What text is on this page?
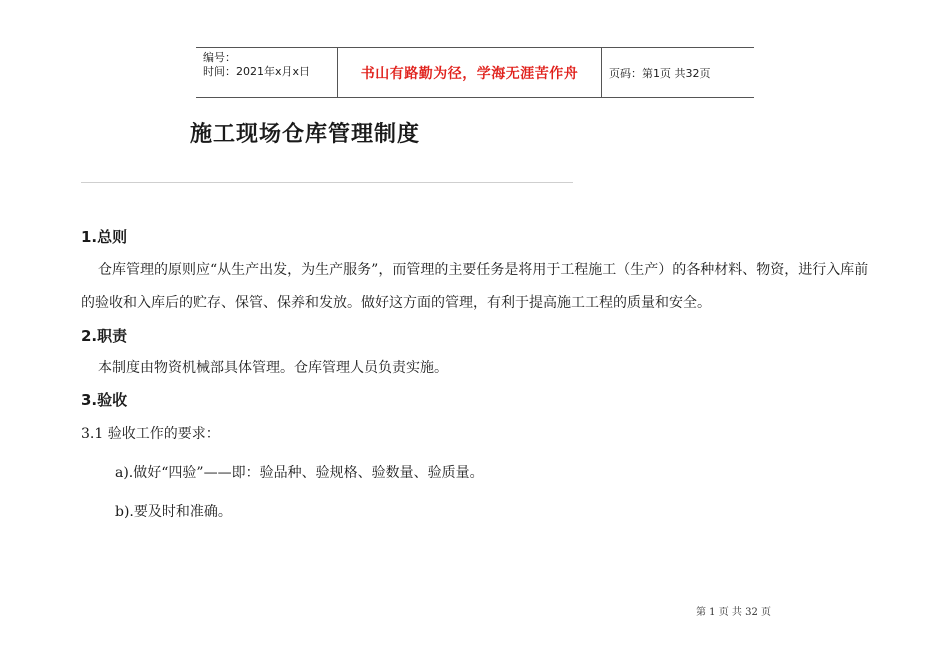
编号：
时间：2021年x月x日	书山有路勤为径，学海无涯苦作舟	页码：第1页 共32页
施工现场仓库管理制度
1.总则

仓库管理的原则应“从生产出发，为生产服务”，而管理的主要任务是将用于工程施工（生产）的各种材料、物资，进行入库前的验收和入库后的贮存、保管、保养和发放。做好这方面的管理，有利于提高施工工程的质量和安全。

2.职责

本制度由物资机械部具体管理。仓库管理人员负责实施。

3.验收
3.1 验收工作的要求：
a).做好“四验”——即：验品种、验规格、验数量、验质量。
b).要及时和准确。
第 1 页 共 32 页
